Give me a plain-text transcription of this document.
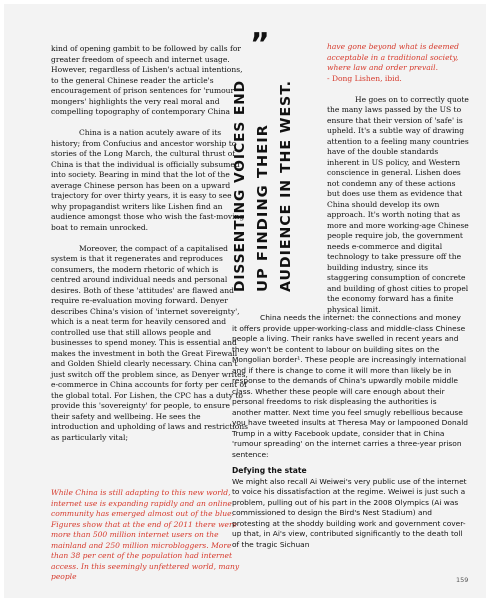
kind of opening gambit to be followed by calls for greater freedom of speech and internet usage. However, regardless of Lishen's actual intentions, to the general Chinese reader the article's encouragement of prison sentences for 'rumour-mongers' highlights the very real moral and compelling topography of contemporary China

China is a nation acutely aware of its history; from Confucius and ancestor worship to stories of the Long March, the cultural thrust of China is that the individual is officially subsumed into society. Bearing in mind that the lot of the average Chinese person has been on a upward trajectory for over thirty years, it is easy to see why propagandist writers like Lishen find an audience amongst those who wish the fast-moving boat to remain unrocked.

Moreover, the compact of a capitalised system is that it regenerates and reproduces consumers, the modern rhetoric of which is centred around individual needs and personal desires. Both of these 'attitudes' are flawed and require re-evaluation moving forward. Denyer describes China's vision of 'internet sovereignty', which is a neat term for heavily censored and controlled use that still allows people and businesses to spend money. This is essential and makes the investment in both the Great Firewall and Golden Shield clearly necessary. China can't just switch off the problem since, as Denyer writes, e-commerce in China accounts for forty per cent of the global total. For Lishen, the CPC has a duty to provide this 'sovereignty' for people, to ensure their safety and wellbeing. He sees the introduction and upholding of laws and restrictions as particularly vital;

While China is still adapting to this new world, internet use is expanding rapidly and an online community has emerged almost out of the blue. Figures show that at the end of 2011 there were more than 500 million internet users on the mainland and 250 million microbloggers. More than 38 per cent of the population had internet access. In this seemingly unfettered world, many people
”
DISSENTING VOICES END UP FINDING THEIR AUDIENCE IN THE WEST.

have gone beyond what is deemed acceptable in a traditional society, where law and order prevail.

- Dong Lishen, ibid.

He goes on to correctly quote the many laws passed by the US to ensure that their version of 'safe' is upheld. It's a subtle way of drawing attention to a feeling many countries have of the double standards inherent in US policy, and Western conscience in general. Lishen does not condemn any of these actions but does use them as evidence that China should develop its own approach. It's worth noting that as more and more working-age Chinese people require job, the government needs e-commerce and digital technology to take pressure off the building industry, since its staggering consumption of concrete and building of ghost cities to propel the economy forward has a finite physical limit.

China needs the internet: the connections and money it offers provide upper-working-class and middle-class Chinese people a living. Their ranks have swelled in recent years and they won't be content to labour on building sites on the Mongolian border¹. These people are increasingly international and if there is change to come it will more than likely be in response to the demands of China's upwardly mobile middle class. Whether these people will care enough about their personal freedoms to risk displeasing the authorities is another matter. Next time you feel smugly rebellious because you have tweeted insults at Theresa May or lampooned Donald Trump in a witty Facebook update, consider that in China 'rumour spreading' on the internet carries a three-year prison sentence:

Defying the state

We might also recall Ai Weiwei's very public use of the internet to voice his dissatisfaction at the regime. Weiwei is just such a problem, pulling out of his part in the 2008 Olympics (Ai was commissioned to design the Bird's Nest Stadium) and protesting at the shoddy building work and government cover-up that, in Ai's view, contributed significantly to the death toll of the tragic Sichuan

159
